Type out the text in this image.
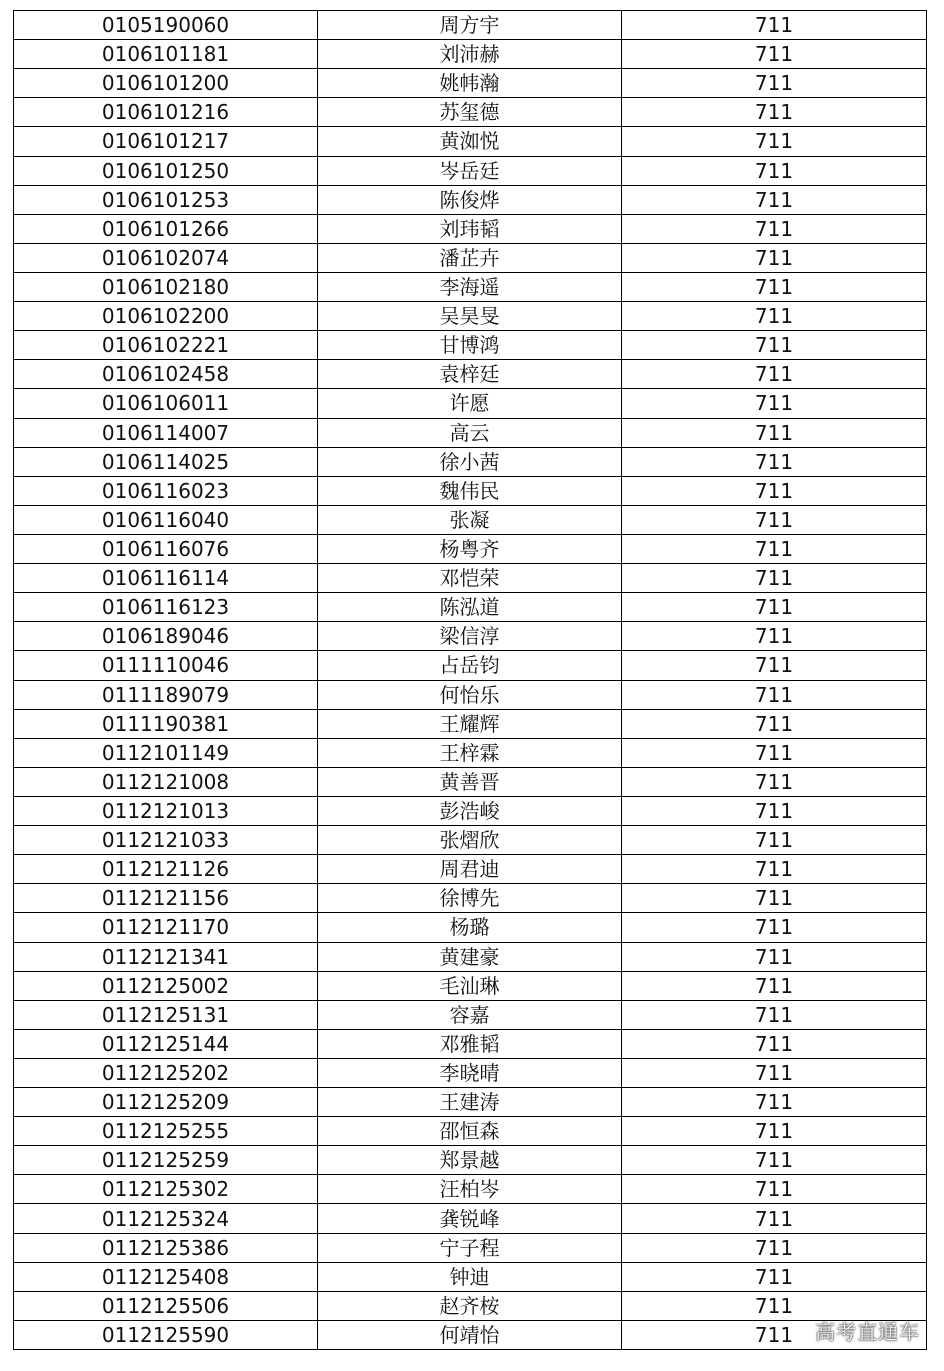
0105190060	周方宇	711
0106101181	刘沛赫	711
0106101200	姚帏瀚	711
0106101216	苏玺德	711
0106101217	黄洳悦	711
0106101250	岑岳廷	711
0106101253	陈俊烨	711
0106101266	刘玮韬	711
0106102074	潘芷卉	711
0106102180	李海遥	711
0106102200	吴昊旻	711
0106102221	甘博鸿	711
0106102458	袁梓廷	711
0106106011	许愿	711
0106114007	高云	711
0106114025	徐小茜	711
0106116023	魏伟民	711
0106116040	张凝	711
0106116076	杨粤齐	711
0106116114	邓恺荣	711
0106116123	陈泓道	711
0106189046	梁信淳	711
0111110046	占岳钧	711
0111189079	何怡乐	711
0111190381	王耀辉	711
0112101149	王梓霖	711
0112121008	黄善晋	711
0112121013	彭浩峻	711
0112121033	张熠欣	711
0112121126	周君迪	711
0112121156	徐博先	711
0112121170	杨璐	711
0112121341	黄建豪	711
0112125002	毛汕琳	711
0112125131	容嘉	711
0112125144	邓雅韬	711
0112125202	李晓晴	711
0112125209	王建涛	711
0112125255	邵恒森	711
0112125259	郑景越	711
0112125302	汪柏岑	711
0112125324	龚锐峰	711
0112125386	宁子程	711
0112125408	钟迪	711
0112125506	赵齐桉	711
0112125590	何靖怡	711 高考直通车
